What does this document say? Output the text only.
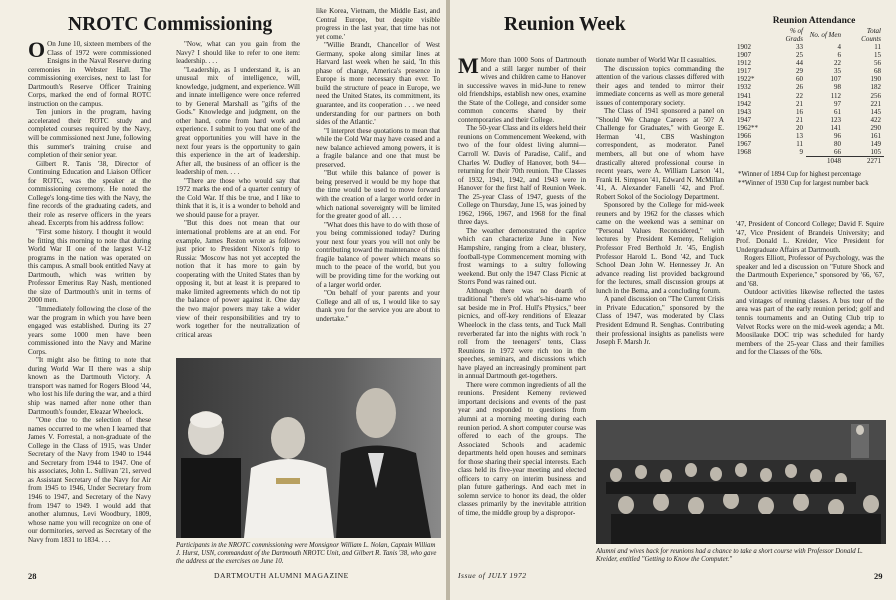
NROTC Commissioning

O On June 10, sixteen members of the Class of 1972 were commissioned Ensigns in the Naval Reserve during ceremonies in Webster Hall. The commissioning exercises, next to last for Dartmouth's Reserve Officer Training Corps, marked the end of formal ROTC instruction on the campus.

Ten juniors in the program, having accelerated their ROTC study and completed courses required by the Navy, will be commissioned next June, following this summer's training cruise and completion of their senior year.

Gilbert R. Tanis '38, Director of Continuing Education and Liaison Officer for ROTC, was the speaker at the commissioning ceremony. He noted the College's long-time ties with the Navy, the fine records of the graduating cadets, and their role as reserve officers in the years ahead. Excerpts from his address follow:

"First some history. I thought it would be fitting this morning to note that during World War II one of the largest V-12 programs in the nation was operated on this campus. A small book entitled Navy at Dartmouth, which was written by Professor Emeritus Ray Nash, mentioned the size of Dartmouth's unit in terms of 2000 men.

"Immediately following the close of the war the program in which you have been engaged was established. During its 27 years some 1000 men have been commissioned into the Navy and Marine Corps.

"It might also be fitting to note that during World War II there was a ship known as the Dartmouth Victory. A transport was named for Rogers Blood '44, who lost his life during the war, and a third ship was named after none other than Dartmouth's founder, Eleazar Wheelock.

"One clue to the selection of these names occurred to me when I learned that James V. Forrestal, a non-graduate of the College in the Class of 1915, was Under Secretary of the Navy from 1940 to 1944 and Secretary from 1944 to 1947. One of his associates, John L. Sullivan '21, served as Assistant Secretary of the Navy for Air from 1945 to 1946, Under Secretary from 1946 to 1947, and Secretary of the Navy from 1947 to 1949. I would add that another alumnus, Levi Woodbury, 1809, whose name you will recognize on one of our dormitories, served as Secretary of the Navy from 1831 to 1834. . . .

"Now, what can you gain from the Navy? I should like to refer to one item: leadership. . . .

"Leadership, as I understand it, is an unusual mix of intelligence, will, knowledge, judgment, and experience. Will and innate intelligence were once referred to by General Marshall as "gifts of the Gods." Knowledge and judgment, on the other hand, come from hard work and experience. I submit to you that one of the great opportunities you will have in the next four years is the opportunity to gain this experience in the art of leadership. After all, the business of an officer is the leadership of men. . . .

"There are those who would say that 1972 marks the end of a quarter century of the Cold War. If this be true, and I like to think that it is, it is a wonder to behold and we should pause for a prayer.

"But this does not mean that our international problems are at an end. For example, James Reston wrote as follows just prior to President Nixon's trip to Russia: 'Moscow has not yet accepted the notion that it has more to gain by cooperating with the United States than by opposing it, but at least it is prepared to make limited agreements which do not tip the balance of power against it. One day the two major powers may take a wider view of their responsibilities and try to work together for the neutralization of critical areas

like Korea, Vietnam, the Middle East, and Central Europe, but despite visible progress in the last year, that time has not yet come.'

"Willie Brandt, Chancellor of West Germany, spoke along similar lines at Harvard last week when he said, 'In this phase of change, America's presence in Europe is more necessary than ever. To build the structure of peace in Europe, we need the United States, its commitment, its guarantee, and its cooperation . . . we need understanding for our partners on both sides of the Atlantic.'

"I interpret these quotations to mean that while the Cold War may have ceased and a new balance achieved among powers, it is a fragile balance and one that must be preserved.

"But while this balance of power is being preserved it would be my hope that the time would be used to move forward with the creation of a larger world order in which national sovereignty will be limited for the greater good of all. . . .

"What does this have to do with those of you being commissioned today? During your next four years you will not only be contributing toward the maintenance of this fragile balance of power which means so much to the peace of the world, but you will be providing time for the working out of a larger world order.

"On behalf of your parents and your College and all of us, I would like to say thank you for the service you are about to undertake."

Participants in the NROTC commissioning were Monsignor William L. Nolan, Captain William J. Hurst, USN, commandant of the Dartmouth NROTC Unit, and Gilbert R. Tanis '38, who gave the address at the exercises on June 10.
28	DARTMOUTH ALUMNI MAGAZINE
Reunion Week

M More than 1000 Sons of Dartmouth and a still larger number of their wives and children came to Hanover in successive waves in mid-June to renew old friendships, establish new ones, examine the State of the College, and consider some common concerns shared by their contemporaries and their College.

The 50-year Class and its elders held their reunions on Commencement Weekend, with two of the four oldest living alumni—Carroll W. Davis of Paradise, Calif., and Charles W. Dudley of Hanover, both 94—returning for their 70th reunion. The Classes of 1932, 1941, 1942, and 1943 were in Hanover for the first half of Reunion Week. The 25-year Class of 1947, guests of the College on Thursday, June 15, was joined by 1962, 1966, 1967, and 1968 for the final three days.

The weather demonstrated the caprice which can characterize June in New Hampshire, ranging from a clear, blustery, football-type Commencement morning with frost warnings to a sultry following weekend. But only the 1947 Class Picnic at Storrs Pond was rained out.

Although there was no dearth of traditional "there's old what's-his-name who sat beside me in Prof. Hull's Physics," beer picnics, and off-key renditions of Eleazar Wheelock in the class tents, and Tuck Mall reverberated far into the nights with rock 'n roll from the teenagers' tents, Class Reunions in 1972 were rich too in the speeches, seminars, and discussions which have played an increasingly prominent part in annual Dartmouth get-togethers.

There were common ingredients of all the reunions. President Kemeny reviewed important decisions and events of the past year and responded to questions from alumni at a morning meeting during each reunion period. A short computer course was offered to each of the groups. The Associated Schools and academic departments held open houses and seminars for those sharing their special interests. Each class held its five-year meeting and elected officers to carry on interim business and plan future gatherings. And each met in solemn service to honor its dead, the older classes primarily by the inevitable attrition of time, the middle group by a dispropor-

tionate number of World War II casualties.

The discussion topics commanding the attention of the various classes differed with their ages and tended to mirror their immediate concerns as well as more general issues of contemporary society.

The Class of 1941 sponsored a panel on "Should We Change Careers at 50? A Challenge for Graduates," with George E. Herman '41, CBS Washington correspondent, as moderator. Panel members, all but one of whom have drastically altered professional course in recent years, were A. William Larson '41, Frank H. Simpson '41, Edward N. McMillan '41, A. Alexander Fanelli '42, and Prof. Robert Sokol of the Sociology Department.

Sponsored by the College for mid-week reuners and by 1962 for the classes which came on the weekend was a seminar on "Personal Values Reconsidered," with lectures by President Kemeny, Religion Professor Fred Berthold Jr. '45, English Professor Harold L. Bond '42, and Tuck School Dean John W. Hennessey Jr. An advance reading list provided background for the lectures, small discussion groups at lunch in the Bema, and a concluding forum.

A panel discussion on "The Current Crisis in Private Education," sponsored by the Class of 1947, was moderated by Class President Edmund R. Senghas. Contributing their professional insights as panelists were Joseph F. Marsh Jr.

Reunion Attendance
	% of Grads	No. of Men	Total Counts
1902	33	4	11
1907	25	6	15
1912	44	22	56
1917	29	35	68
1922*	60	107	190
1932	26	98	182
1941	22	112	256
1942	21	97	221
1943	16	61	145
1947	21	123	422
1962**	20	141	290
1966	13	96	161
1967	11	80	149
1968	9	66	105
		1048	2271
*Winner of 1894 Cup for highest percentage
**Winner of 1930 Cup for largest number back

'47, President of Concord College; David F. Squire '47, Vice President of Brandeis University; and Prof. Donald L. Kreider, Vice President for Undergraduate Affairs at Dartmouth.

Rogers Elliott, Professor of Psychology, was the speaker and led a discussion on "Future Shock and the Dartmouth Experience," sponsored by '66, '67, and '68.

Outdoor activities likewise reflected the tastes and vintages of reuning classes. A bus tour of the area was part of the early reunion period; golf and tennis tournaments and an Outing Club trip to Velvet Rocks were on the mid-week agenda; a Mt. Moosilauke DOC trip was scheduled for hardy members of the 25-year Class and their families and for the Classes of the '60s.

Alumni and wives back for reunions had a chance to take a short course with Professor Donald L. Kreider, entitled "Getting to Know the Computer."
Issue of JULY 1972	29
